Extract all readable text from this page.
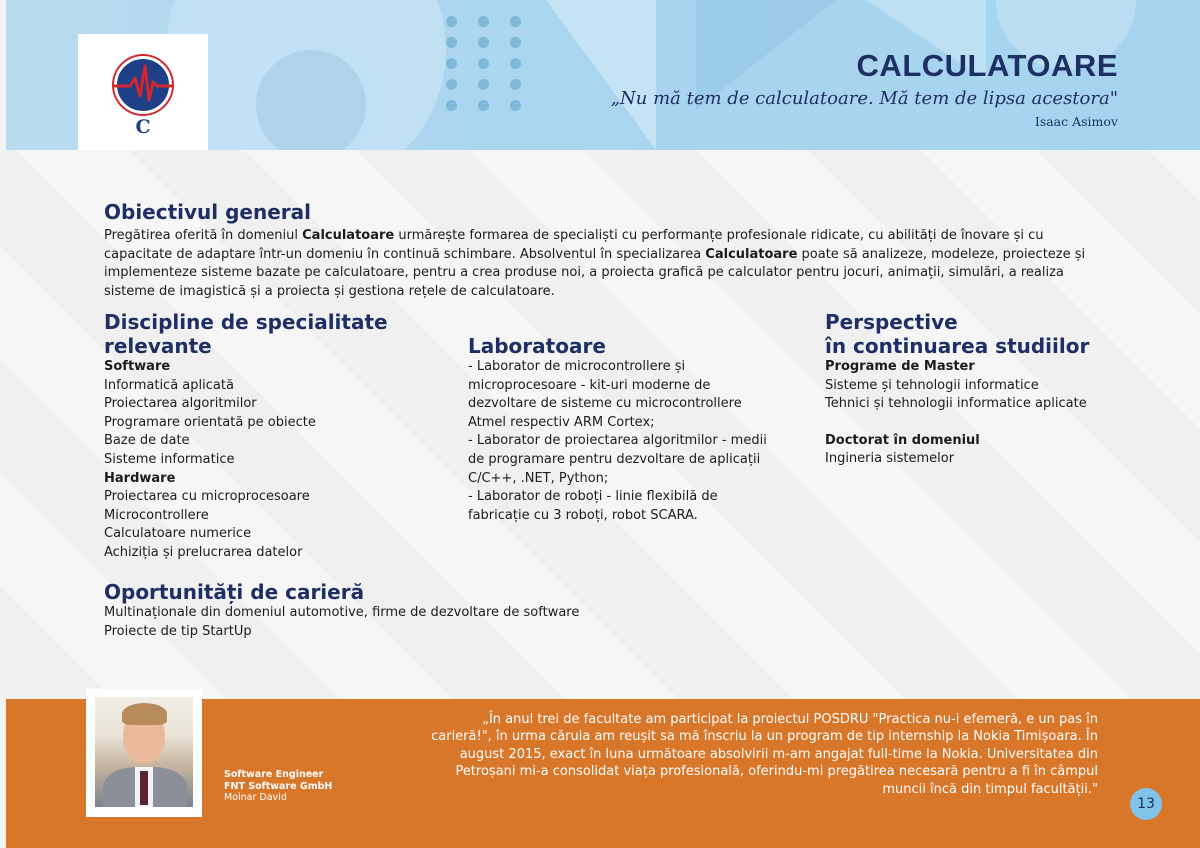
CALCULATOARE
„Nu mă tem de calculatoare. Mă tem de lipsa acestora"
Isaac Asimov
C
Obiectivul general
Pregătirea oferită în domeniul Calculatoare urmărește formarea de specialiști cu performanțe profesionale ridicate, cu abilități de înovare și cu capacitate de adaptare într-un domeniu în continuă schimbare. Absolventul în specializarea Calculatoare poate să analizeze, modeleze, proiecteze și implementeze sisteme bazate pe calculatoare, pentru a crea produse noi, a proiecta grafică pe calculator pentru jocuri, animații, simulări, a realiza sisteme de imagistică și a proiecta și gestiona rețele de calculatoare.
Discipline de specialitate
relevante
Software
Informatică aplicată
Proiectarea algoritmilor
Programare orientată pe obiecte
Baze de date
Sisteme informatice
Hardware
Proiectarea cu microprocesoare
Microcontrollere
Calculatoare numerice
Achiziția și prelucrarea datelor
Laboratoare
- Laborator de microcontrollere și
microprocesoare - kit-uri moderne de
dezvoltare de sisteme cu microcontrollere
Atmel respectiv ARM Cortex;
- Laborator de proiectarea algoritmilor - medii
de programare pentru dezvoltare de aplicații
C/C++, .NET, Python;
- Laborator de roboți - linie flexibilă de
fabricație cu 3 roboți, robot SCARA.
Perspective
în continuarea studiilor
Programe de Master
Sisteme și tehnologii informatice
Tehnici și tehnologii informatice aplicate
Doctorat în domeniul
Ingineria sistemelor
Oportunități de carieră
Multinaționale din domeniul automotive, firme de dezvoltare de software
Proiecte de tip StartUp
Software Engineer
FNT Software GmbH
Molnar David
„În anul trei de facultate am participat la proiectul POSDRU "Practica nu-i efemeră, e un pas în carieră!", în urma căruia am reușit sa mă înscriu la un program de tip internship la Nokia Timișoara. În august 2015, exact în luna următoare absolvirii m-am angajat full-time la Nokia. Universitatea din Petroșani mi-a consolidat viața profesională, oferindu-mi pregătirea necesară pentru a fi în câmpul muncii încă din timpul facultății."
13
